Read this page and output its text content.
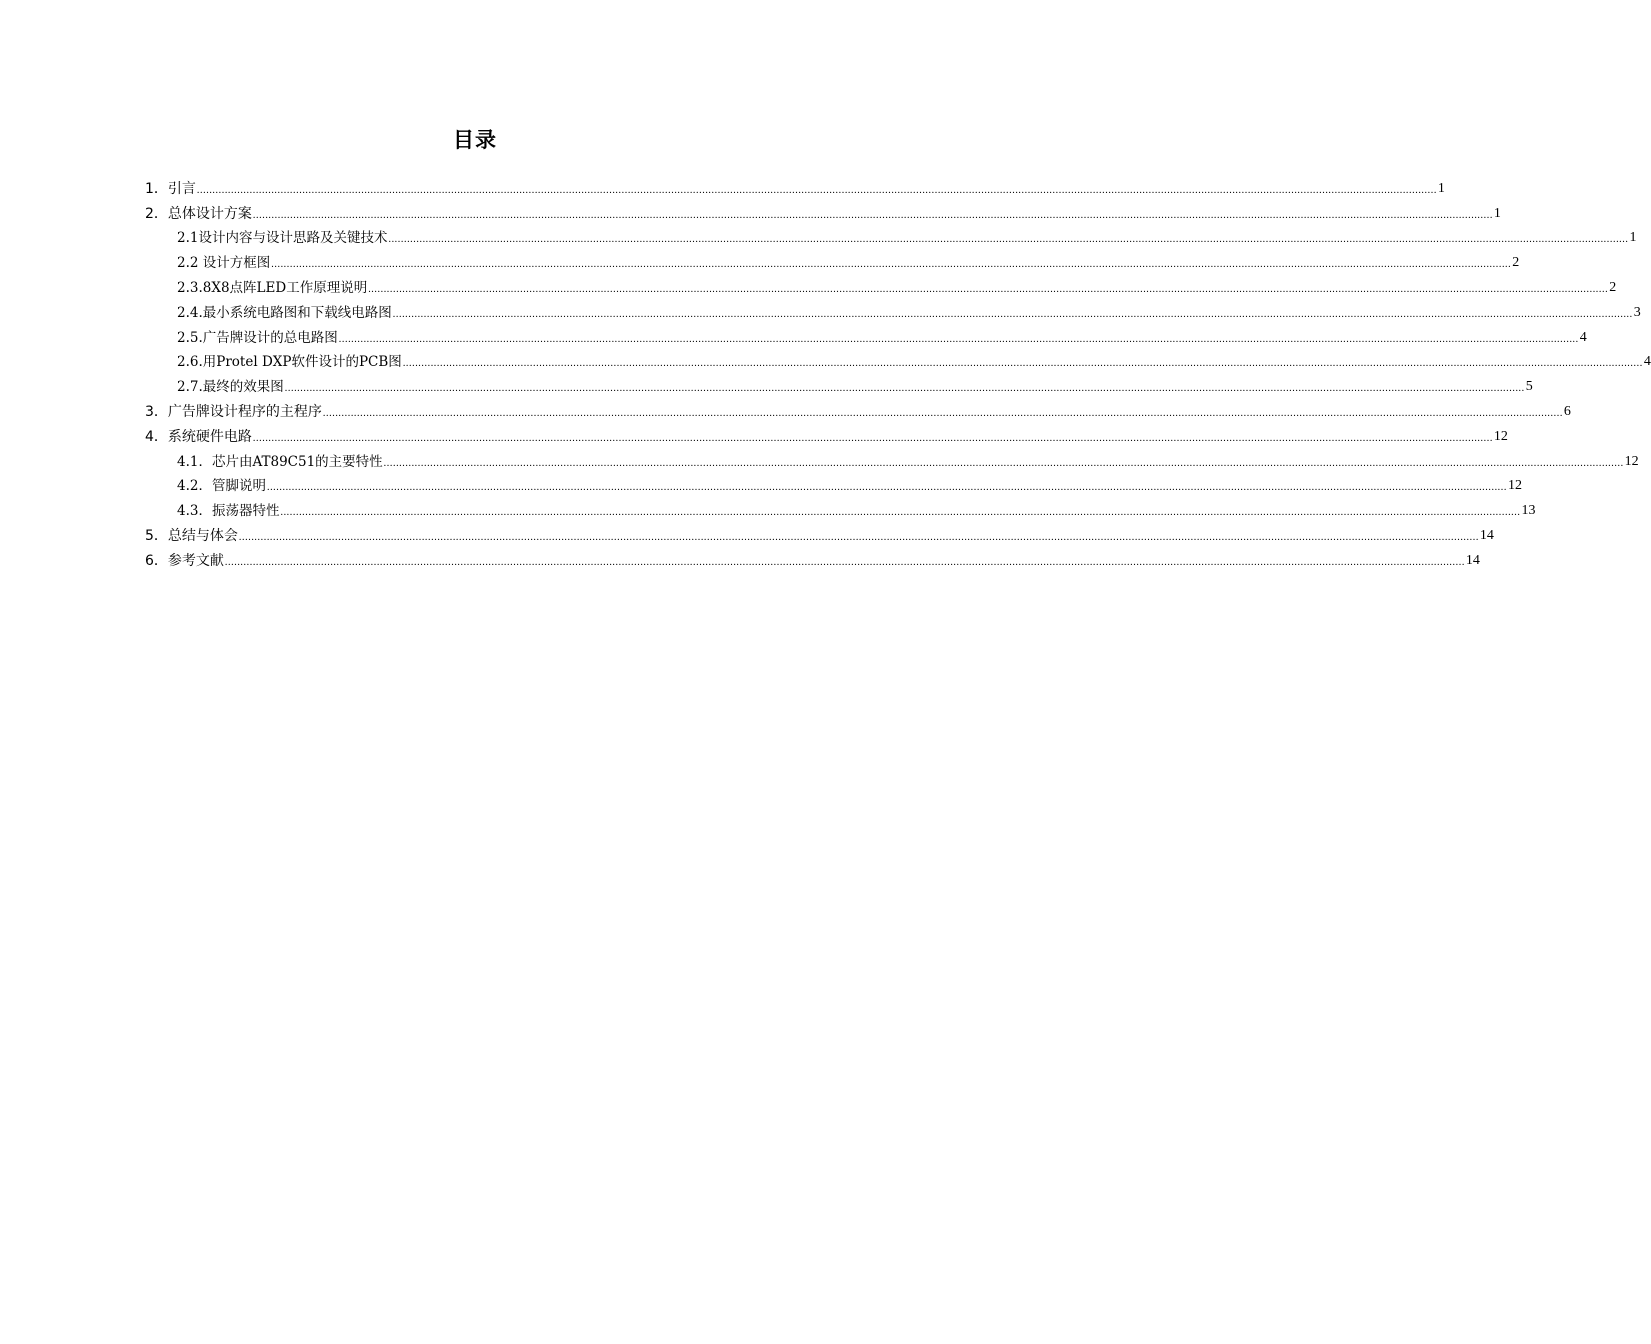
目录
1．引言 ................................................................................................................................................................................................................................................................................................................................................................................................................ 1
2．总体设计方案 ................................................................................................................................................................................................................................................................................................................................................................................................................ 1
2.1设计内容与设计思路及关键技术 ................................................................................................................................................................................................................................................................................................................................................................................................................ 1
2.2 设计方框图 ................................................................................................................................................................................................................................................................................................................................................................................................................ 2
2.3.8X8点阵LED工作原理说明 ................................................................................................................................................................................................................................................................................................................................................................................................................ 2
2.4.最小系统电路图和下载线电路图 ................................................................................................................................................................................................................................................................................................................................................................................................................ 3
2.5.广告牌设计的总电路图 ................................................................................................................................................................................................................................................................................................................................................................................................................ 4
2.6.用Protel DXP软件设计的PCB图 ................................................................................................................................................................................................................................................................................................................................................................................................................ 4
2.7.最终的效果图 ................................................................................................................................................................................................................................................................................................................................................................................................................ 5
3．广告牌设计程序的主程序 ................................................................................................................................................................................................................................................................................................................................................................................................................ 6
4．系统硬件电路 ................................................................................................................................................................................................................................................................................................................................................................................................................ 12
4.1．芯片由AT89C51的主要特性 ................................................................................................................................................................................................................................................................................................................................................................................................................ 12
4.2．管脚说明 ................................................................................................................................................................................................................................................................................................................................................................................................................ 12
4.3．振荡器特性 ................................................................................................................................................................................................................................................................................................................................................................................................................ 13
5．总结与体会 ................................................................................................................................................................................................................................................................................................................................................................................................................ 14
6．参考文献 ................................................................................................................................................................................................................................................................................................................................................................................................................ 14
